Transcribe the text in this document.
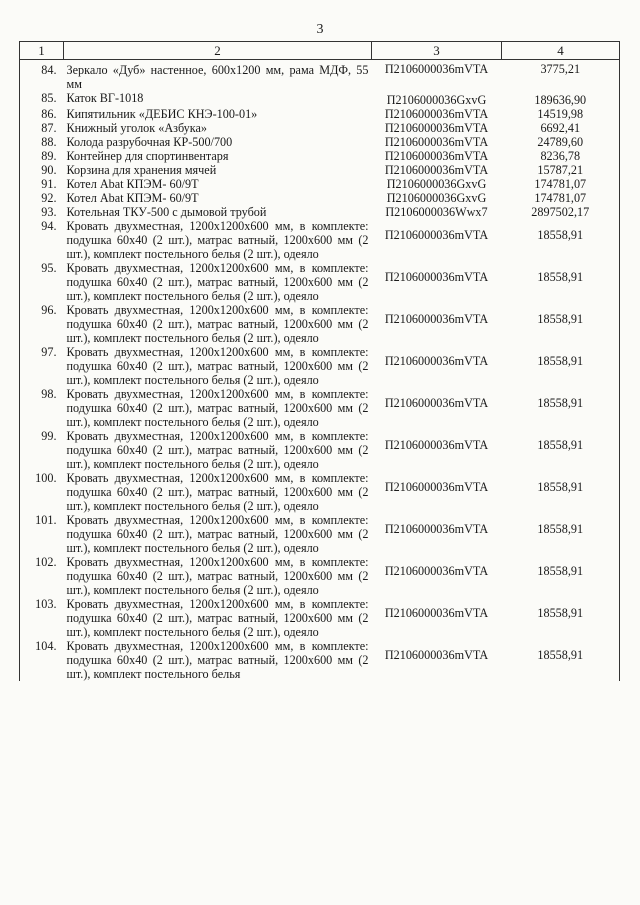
3
1	2	3	4
84.	Зеркало «Дуб» настенное, 600х1200 мм, рама МДФ, 55 мм	П2106000036mVTA	3775,21
85.	Каток ВГ-1018	П2106000036GxvG	189636,90
86.	Кипятильник «ДЕБИС КНЭ-100-01»	П2106000036mVTA	14519,98
87.	Книжный уголок «Азбука»	П2106000036mVTA	6692,41
88.	Колода разрубочная КР-500/700	П2106000036mVTA	24789,60
89.	Контейнер для спортинвентаря	П2106000036mVTA	8236,78
90.	Корзина для хранения мячей	П2106000036mVTA	15787,21
91.	Котел Abat КПЭМ- 60/9Т	П2106000036GxvG	174781,07
92.	Котел Abat КПЭМ- 60/9Т	П2106000036GxvG	174781,07
93.	Котельная ТКУ-500 с дымовой трубой	П2106000036Wwx7	2897502,17
94.	Кровать двухместная, 1200х1200х600 мм, в комплекте: подушка 60х40 (2 шт.), матрас ватный, 1200х600 мм (2 шт.), комплект постельного белья (2 шт.), одеяло	П2106000036mVTA	18558,91
95.	Кровать двухместная, 1200х1200х600 мм, в комплекте: подушка 60х40 (2 шт.), матрас ватный, 1200х600 мм (2 шт.), комплект постельного белья (2 шт.), одеяло	П2106000036mVTA	18558,91
96.	Кровать двухместная, 1200х1200х600 мм, в комплекте: подушка 60х40 (2 шт.), матрас ватный, 1200х600 мм (2 шт.), комплект постельного белья (2 шт.), одеяло	П2106000036mVTA	18558,91
97.	Кровать двухместная, 1200х1200х600 мм, в комплекте: подушка 60х40 (2 шт.), матрас ватный, 1200х600 мм (2 шт.), комплект постельного белья (2 шт.), одеяло	П2106000036mVTA	18558,91
98.	Кровать двухместная, 1200х1200х600 мм, в комплекте: подушка 60х40 (2 шт.), матрас ватный, 1200х600 мм (2 шт.), комплект постельного белья (2 шт.), одеяло	П2106000036mVTA	18558,91
99.	Кровать двухместная, 1200х1200х600 мм, в комплекте: подушка 60х40 (2 шт.), матрас ватный, 1200х600 мм (2 шт.), комплект постельного белья (2 шт.), одеяло	П2106000036mVTA	18558,91
100.	Кровать двухместная, 1200х1200х600 мм, в комплекте: подушка 60х40 (2 шт.), матрас ватный, 1200х600 мм (2 шт.), комплект постельного белья (2 шт.), одеяло	П2106000036mVTA	18558,91
101.	Кровать двухместная, 1200х1200х600 мм, в комплекте: подушка 60х40 (2 шт.), матрас ватный, 1200х600 мм (2 шт.), комплект постельного белья (2 шт.), одеяло	П2106000036mVTA	18558,91
102.	Кровать двухместная, 1200х1200х600 мм, в комплекте: подушка 60х40 (2 шт.), матрас ватный, 1200х600 мм (2 шт.), комплект постельного белья (2 шт.), одеяло	П2106000036mVTA	18558,91
103.	Кровать двухместная, 1200х1200х600 мм, в комплекте: подушка 60х40 (2 шт.), матрас ватный, 1200х600 мм (2 шт.), комплект постельного белья (2 шт.), одеяло	П2106000036mVTA	18558,91
104.	Кровать двухместная, 1200х1200х600 мм, в комплекте: подушка 60х40 (2 шт.), матрас ватный, 1200х600 мм (2 шт.), комплект постельного белья	П2106000036mVTA	18558,91
